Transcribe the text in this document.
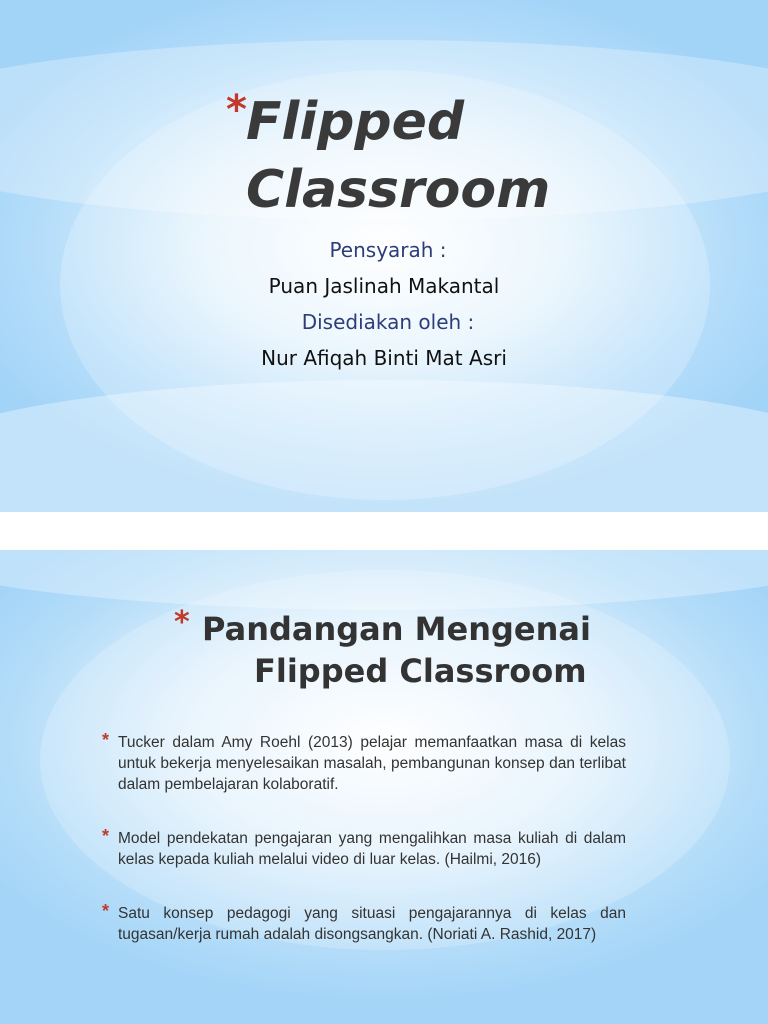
* Flipped
Classroom
Pensyarah :
Puan Jaslinah Makantal
Disediakan oleh :
Nur Afiqah Binti Mat Asri
* Pandangan Mengenai
Flipped Classroom
* Tucker dalam Amy Roehl (2013) pelajar memanfaatkan masa di kelas untuk bekerja menyelesaikan masalah, pembangunan konsep dan terlibat dalam pembelajaran kolaboratif.
* Model pendekatan pengajaran yang mengalihkan masa kuliah di dalam kelas kepada kuliah melalui video di luar kelas. (Hailmi, 2016)
* Satu konsep pedagogi yang situasi pengajarannya di kelas dan tugasan/kerja rumah adalah disongsangkan. (Noriati A. Rashid, 2017)
